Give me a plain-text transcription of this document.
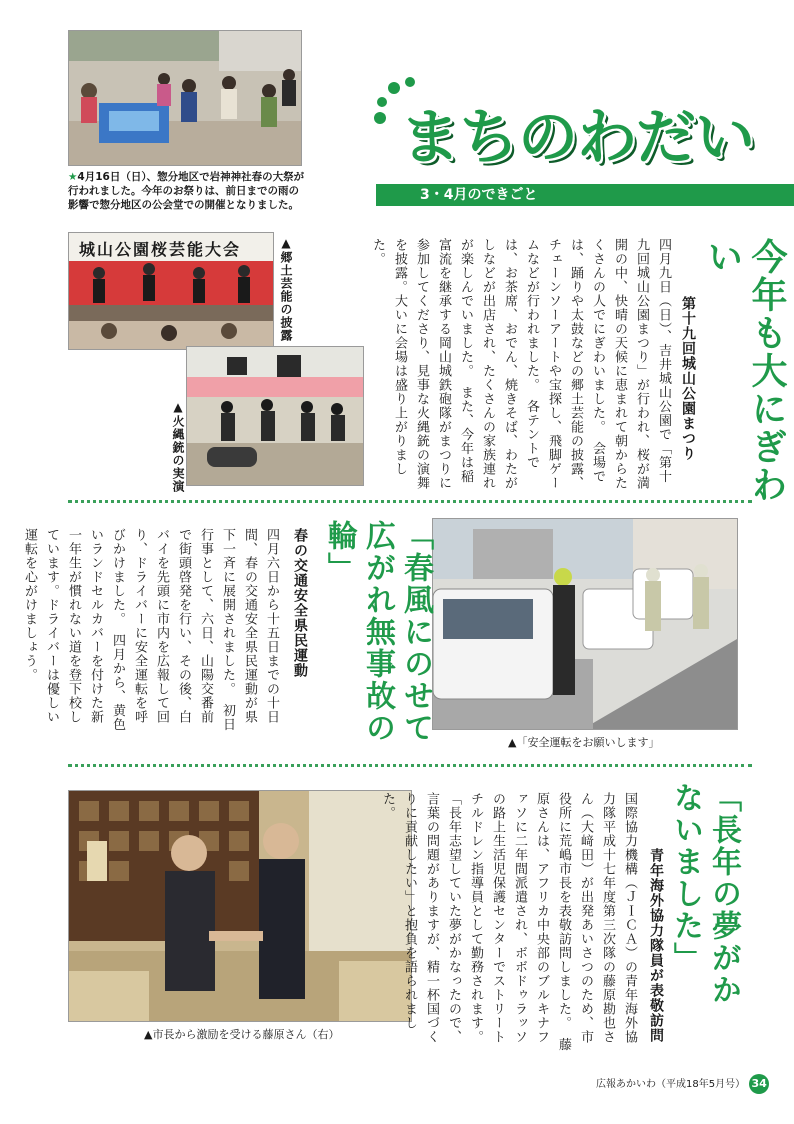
まちのわだい
3・4月のできごと
★4月16日（日）、惣分地区で岩神神社春の大祭が行われました。今年のお祭りは、前日までの雨の影響で惣分地区の公会堂での開催となりました。
城山公園桜芸能大会	▲郷土芸能の披露
▲火縄銃の実演	今年も大にぎわい
第十九回城山公園まつり
四月九日（日）、吉井城山公園で「第十九回城山公園まつり」が行われ、桜が満開の中、快晴の天候に恵まれて朝からたくさんの人でにぎわいました。　会場では、踊りや太鼓などの郷土芸能の披露、チェーンソーアートや宝探し、飛脚ゲームなどが行われました。　各テントでは、お茶席、おでん、焼きそば、わたがしなどが出店され、たくさんの家族連れが楽しんでいました。　また、今年は稲富流を継承する岡山城鉄砲隊がまつりに参加してくださり、見事な火縄銃の演舞を披露。大いに会場は盛り上がりました。
▲「安全運転をお願いします」
「春風にのせて広がれ無事故の輪」
春の交通安全県民運動
四月六日から十五日までの十日間、春の交通安全県民運動が県下一斉に展開されました。　初日行事として、六日、山陽交番前で街頭啓発を行い、その後、白バイを先頭に市内を広報して回り、ドライバーに安全運転を呼びかけました。　四月から、黄色いランドセルカバーを付けた新一年生が慣れない道を登下校しています。ドライバーは優しい運転を心がけましょう。
▲市長から激励を受ける藤原さん（右）
「長年の夢がかないました」
青年海外協力隊員が表敬訪問
国際協力機構（ＪＩＣＡ）の青年海外協力隊平成十七年度第三次隊の藤原勘也さん（大﨑田）が出発あいさつのため、市役所に荒嶋市長を表敬訪問しました。　藤原さんは、アフリカ中央部のブルキナファソに二年間派遣され、ボボドゥラッソの路上生活児保護センターでストリートチルドレン指導員として勤務されます。　「長年志望していた夢がかなったので、言葉の問題がありますが、精一杯国づくりに貢献したい」と抱負を語られました。
広報あかいわ（平成18年5月号） 34
